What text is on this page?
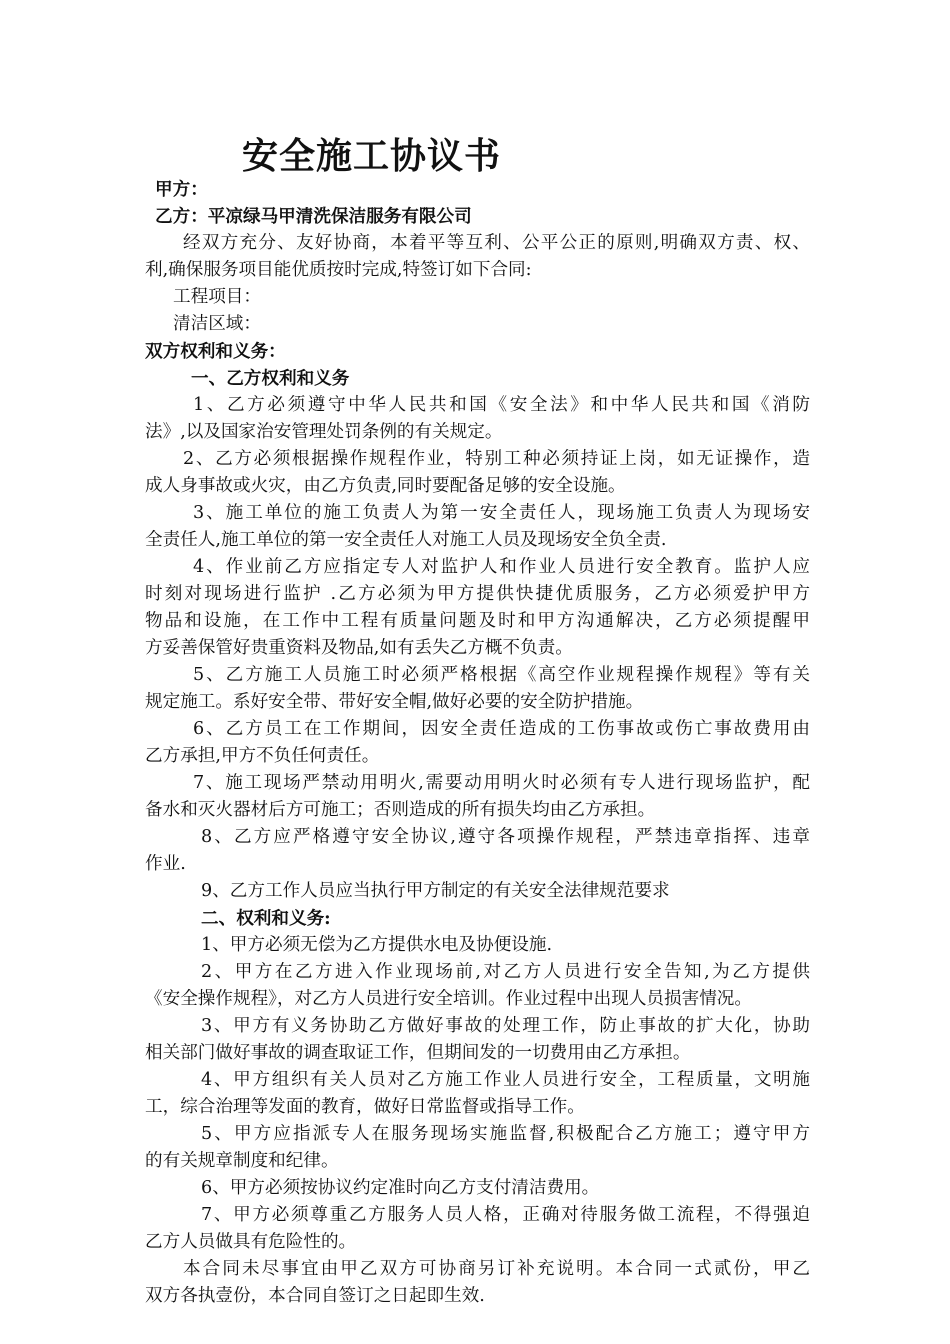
安全施工协议书
甲方：
乙方：平凉绿马甲清洗保洁服务有限公司
经双方充分、友好协商，本着平等互利、公平公正的原则,明确双方责、权、
利,确保服务项目能优质按时完成,特签订如下合同:
工程项目：
清洁区域：
双方权利和义务：
一、乙方权利和义务
1、乙方必须遵守中华人民共和国《安全法》和中华人民共和国《消防
法》,以及国家治安管理处罚条例的有关规定。
2、乙方必须根据操作规程作业，特别工种必须持证上岗，如无证操作，造
成人身事故或火灾，由乙方负责,同时要配备足够的安全设施。
3、施工单位的施工负责人为第一安全责任人，现场施工负责人为现场安
全责任人,施工单位的第一安全责任人对施工人员及现场安全负全责.
4、作业前乙方应指定专人对监护人和作业人员进行安全教育。监护人应
时刻对现场进行监护 .乙方必须为甲方提供快捷优质服务，乙方必须爱护甲方
物品和设施，在工作中工程有质量问题及时和甲方沟通解决，乙方必须提醒甲
方妥善保管好贵重资料及物品,如有丢失乙方概不负责。
5、乙方施工人员施工时必须严格根据《高空作业规程操作规程》等有关
规定施工。系好安全带、带好安全帽,做好必要的安全防护措施。
6、乙方员工在工作期间，因安全责任造成的工伤事故或伤亡事故费用由
乙方承担,甲方不负任何责任。
7、施工现场严禁动用明火,需要动用明火时必须有专人进行现场监护，配
备水和灭火器材后方可施工；否则造成的所有损失均由乙方承担。
8、乙方应严格遵守安全协议,遵守各项操作规程，严禁违章指挥、违章
作业.
9、乙方工作人员应当执行甲方制定的有关安全法律规范要求
二、权利和义务:
1、甲方必须无偿为乙方提供水电及协便设施.
2、甲方在乙方进入作业现场前,对乙方人员进行安全告知,为乙方提供
《安全操作规程》，对乙方人员进行安全培训。作业过程中出现人员损害情况。
3、甲方有义务协助乙方做好事故的处理工作，防止事故的扩大化，协助
相关部门做好事故的调查取证工作，但期间发的一切费用由乙方承担。
4、甲方组织有关人员对乙方施工作业人员进行安全，工程质量，文明施
工，综合治理等发面的教育，做好日常监督或指导工作。
5、甲方应指派专人在服务现场实施监督,积极配合乙方施工；遵守甲方
的有关规章制度和纪律。
6、甲方必须按协议约定准时向乙方支付清洁费用。
7、甲方必须尊重乙方服务人员人格，正确对待服务做工流程，不得强迫
乙方人员做具有危险性的。
本合同未尽事宜由甲乙双方可协商另订补充说明。本合同一式贰份，甲乙
双方各执壹份，本合同自签订之日起即生效.
